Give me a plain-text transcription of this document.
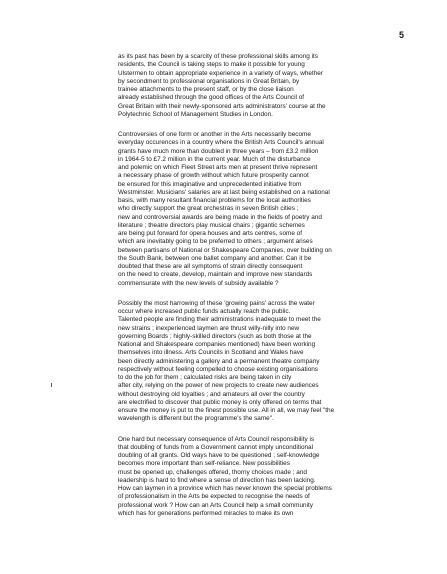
5
as its past has been by a scarcity of these professional skills among its
residents, the Council is taking steps to make it possible for young
Ulstermen to obtain appropriate experience in a variety of ways, whether
by secondment to professional organisations in Great Britain, by
trainee attachments to the present staff, or by the close liaison
already established through the good offices of the Arts Council of
Great Britain with their newly-sponsored arts administrators' course at the
Polytechnic School of Management Studies in London.
Controversies of one form or another in the Arts necessarily become
everyday occurences in a country where the British Arts Council's annual
grants have much more than doubled in three years – from £3.2 million
in 1964-5 to £7.2 million in the current year. Much of the disturbance
and polemic on which Fleet Street arts men at present thrive represent
a necessary phase of growth without which future prosperity cannot
be ensured for this imaginative and unprecedented initiative from
Westminster. Musicians' salaries are at last being established on a national
basis, with many resultant financial problems for the local authorities
who directly support the great orchestras in seven British cities ;
new and controversial awards are being made in the fields of poetry and
literature ; theatre directors play musical chairs ; gigantic schemes
are being put forward for opera houses and arts centres, some of
which are inevitably going to be preferred to others ; argument arises
between partisans of National or Shakespeare Companies, over building on
the South Bank, between one ballet company and another. Can it be
doubted that these are all symptoms of strain directly consequent
on the need to create, develop, maintain and improve new standards
commensurate with the new levels of subsidy available ?
Possibly the most harrowing of these 'growing pains' across the water
occur where increased public funds actually reach the public.
Talented people are finding their administrations inadequate to meet the
new strains ; inexperienced laymen are thrust willy-nilly into new
governing Boards ; highly-skilled directors (such as both those at the
National and Shakespeare companies mentioned) have been working
themselves into illness. Arts Councils in Scotland and Wales have
been directly administering a gallery and a permanent theatre company
respectively without feeling compelled to choose existing organisations
to do the job for them ; calculated risks are being taken in city
after city, relying on the power of new projects to create new audiences
without destroying old loyalties ; and amateurs all over the country
are electrified to discover that public money is only offered on terms that
ensure the money is put to the finest possible use. All in all, we may feel "the
wavelength is different but the programme's the same".
One hard but necessary consequence of Arts Council responsibility is
that doubling of funds from a Government cannot imply unconditional
doubling of all grants. Old ways have to be questioned ; self-knowledge
becomes more important than self-reliance. New possibilities
must be opened up, challenges offered, thorny choices made ; and
leadership is hard to find where a sense of direction has been lacking.
How can laymen in a province which has never known the special problems
of professionalism in the Arts be expected to recognise the needs of
professional work ? How can an Arts Council help a small community
which has for generations performed miracles to make its own
